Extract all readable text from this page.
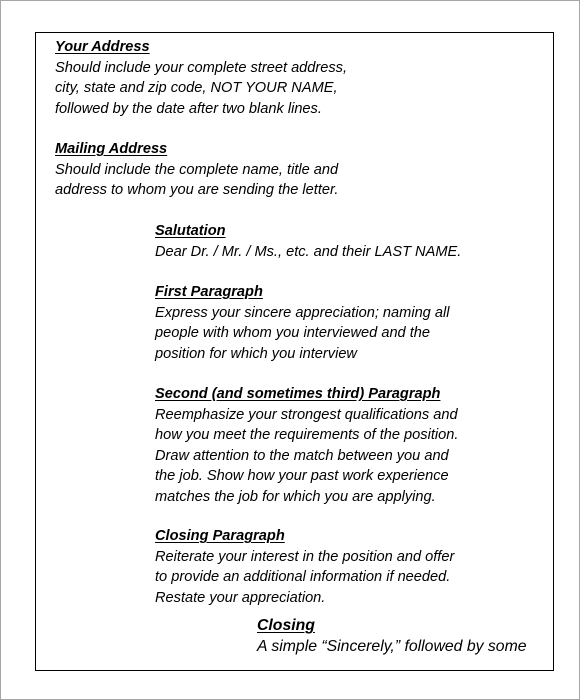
Your Address
Should include your complete street address,
city, state and zip code, NOT YOUR NAME,
followed by the date after two blank lines.
Mailing Address
Should include the complete name, title and
address to whom you are sending the letter.
Salutation
Dear Dr. / Mr. / Ms., etc. and their LAST NAME.
First Paragraph
Express your sincere appreciation; naming all
people with whom you interviewed and the
position for which you interview
Second (and sometimes third) Paragraph
Reemphasize your strongest qualifications and
how you meet the requirements of the position.
Draw attention to the match between you and
the job. Show how your past work experience
matches the job for which you are applying.
Closing Paragraph
Reiterate your interest in the position and offer
to provide an additional information if needed.
Restate your appreciation.
Closing
A simple “Sincerely,” followed by some
